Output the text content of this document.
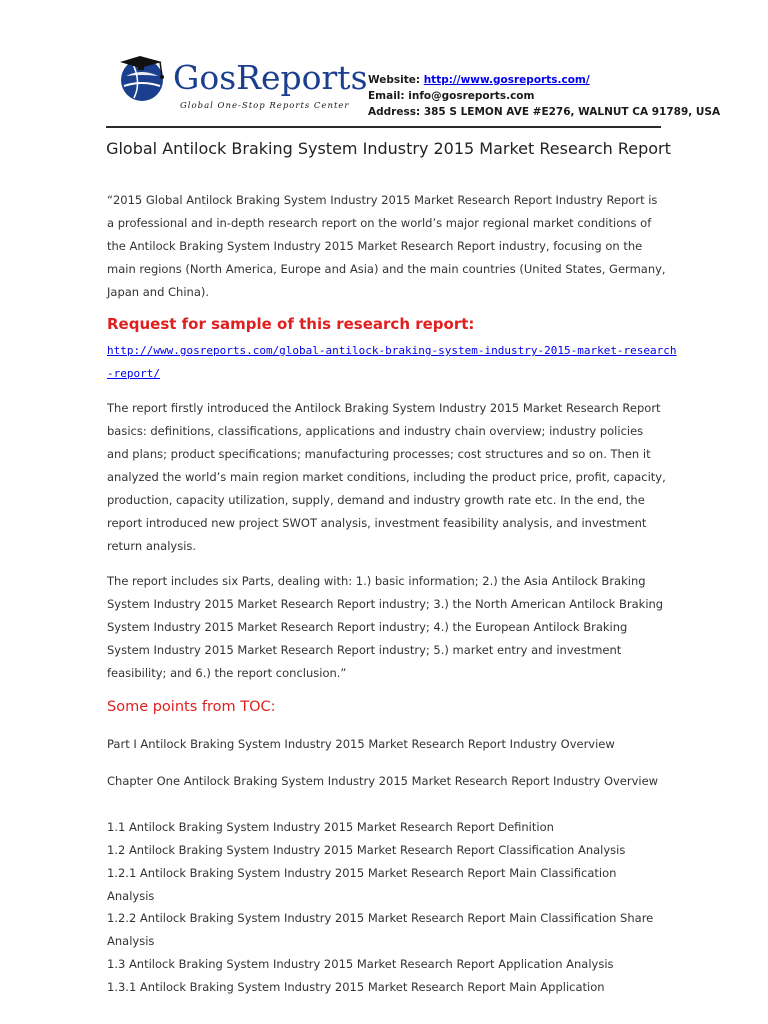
GosReports
Global One-Stop Reports Center
Website: http://www.gosreports.com/
Email: info@gosreports.com
Address: 385 S LEMON AVE #E276, WALNUT CA 91789, USA
Global Antilock Braking System Industry 2015 Market Research Report

“2015 Global Antilock Braking System Industry 2015 Market Research Report Industry Report is a professional and in-depth research report on the world’s major regional market conditions of the Antilock Braking System Industry 2015 Market Research Report industry, focusing on the main regions (North America, Europe and Asia) and the main countries (United States, Germany, Japan and China).

Request for sample of this research report:
http://www.gosreports.com/global-antilock-braking-system-industry-2015-market-research-report/

The report firstly introduced the Antilock Braking System Industry 2015 Market Research Report basics: definitions, classifications, applications and industry chain overview; industry policies and plans; product specifications; manufacturing processes; cost structures and so on. Then it analyzed the world’s main region market conditions, including the product price, profit, capacity, production, capacity utilization, supply, demand and industry growth rate etc. In the end, the report introduced new project SWOT analysis, investment feasibility analysis, and investment return analysis.

The report includes six Parts, dealing with: 1.) basic information; 2.) the Asia Antilock Braking System Industry 2015 Market Research Report industry; 3.) the North American Antilock Braking System Industry 2015 Market Research Report industry; 4.) the European Antilock Braking System Industry 2015 Market Research Report industry; 5.) market entry and investment feasibility; and 6.) the report conclusion.”

Some points from TOC:

Part I Antilock Braking System Industry 2015 Market Research Report Industry Overview

Chapter One Antilock Braking System Industry 2015 Market Research Report Industry Overview

1.1 Antilock Braking System Industry 2015 Market Research Report Definition

1.2 Antilock Braking System Industry 2015 Market Research Report Classification Analysis

1.2.1 Antilock Braking System Industry 2015 Market Research Report Main Classification Analysis

1.2.2 Antilock Braking System Industry 2015 Market Research Report Main Classification Share Analysis

1.3 Antilock Braking System Industry 2015 Market Research Report Application Analysis

1.3.1 Antilock Braking System Industry 2015 Market Research Report Main Application
